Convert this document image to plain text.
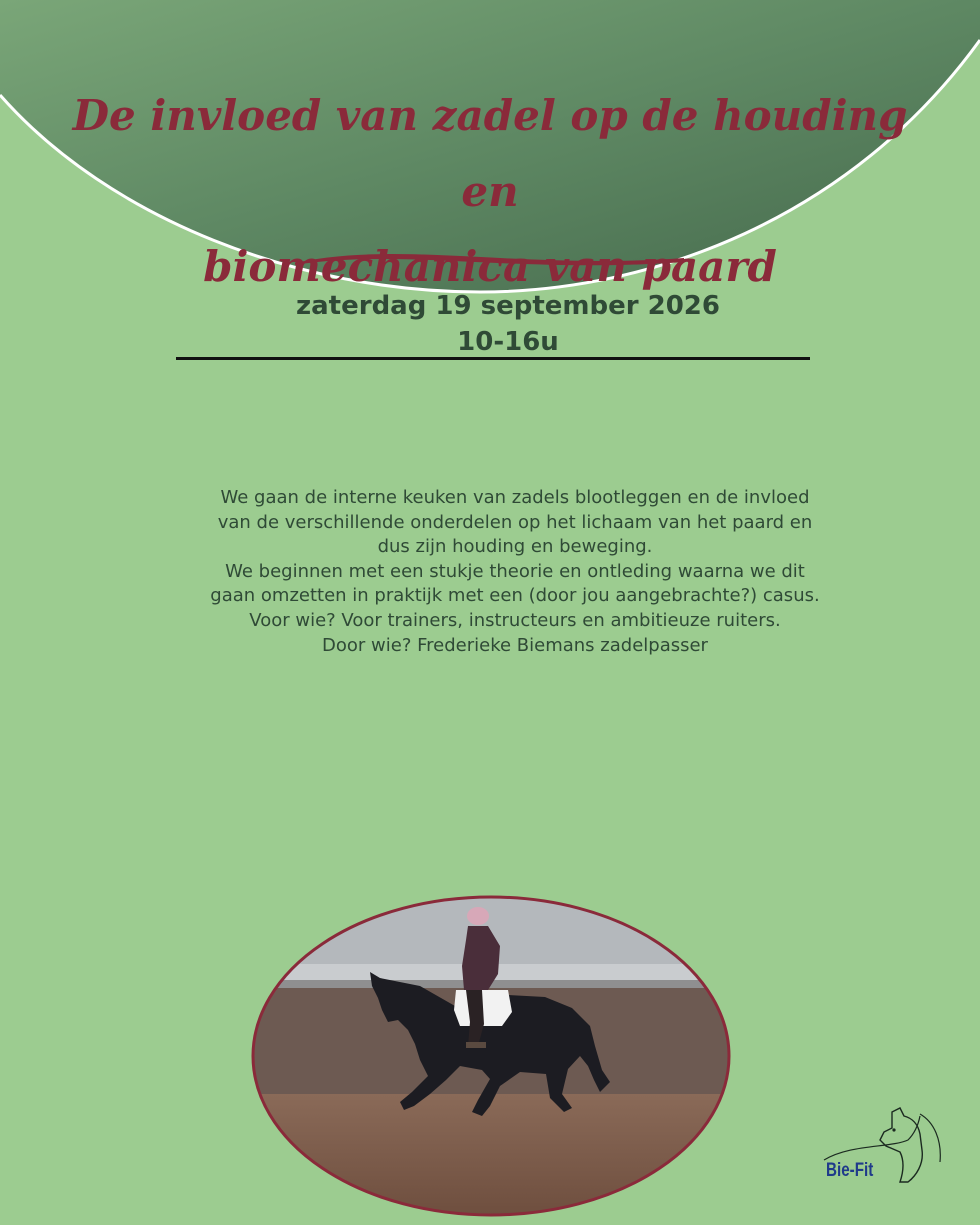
De invloed van zadel op de houding en
biomechanica van paard
zaterdag 19 september 2026
10-16u

We gaan de interne keuken van zadels blootleggen en de invloed van de verschillende onderdelen op het lichaam van het paard en dus zijn houding en beweging.

We beginnen met een stukje theorie en ontleding waarna we dit gaan omzetten in praktijk met een (door jou aangebrachte?) casus.

Voor wie? Voor trainers, instructeurs en ambitieuze ruiters.

Door wie? Frederieke Biemans zadelpasser

Bie-Fit
